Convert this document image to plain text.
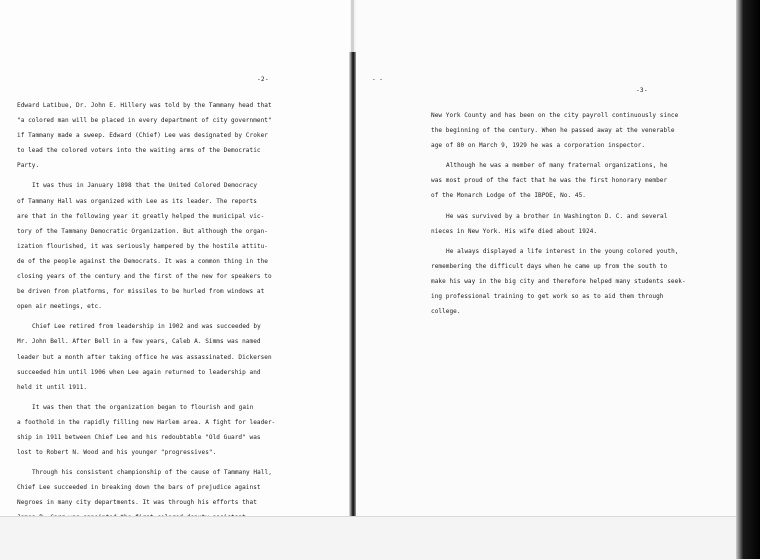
-2-
Edward Latibue, Dr. John E. Hillery was told by the Tammany head that
"a colored man will be placed in every department of city government"
if Tammany made a sweep. Edward (Chief) Lee was designated by Croker
to lead the colored voters into the waiting arms of the Democratic
Party.
It was thus in January 1898 that the United Colored Democracy
of Tammany Hall was organized with Lee as its leader. The reports
are that in the following year it greatly helped the municipal vic-
tory of the Tammany Democratic Organization. But although the organ-
ization flourished, it was seriously hampered by the hostile attitu-
de of the people against the Democrats. It was a common thing in the
closing years of the century and the first of the new for speakers to
be driven from platforms, for missiles to be hurled from windows at
open air meetings, etc.
Chief Lee retired from leadership in 1902 and was succeeded by
Mr. John Bell. After Bell in a few years, Caleb A. Simms was named
leader but a month after taking office he was assassinated. Dickersen
succeeded him until 1906 when Lee again returned to leadership and
held it until 1911.
It was then that the organization began to flourish and gain
a foothold in the rapidly filling new Harlem area. A fight for leader-
ship in 1911 between Chief Lee and his redoubtable "Old Guard" was
lost to Robert N. Wood and his younger "progressives".
Through his consistent championship of the cause of Tammany Hall,
Chief Lee succeeded in breaking down the bars of prejudice against
Negroes in many city departments. It was through his efforts that
-3-
New York County and has been on the city payroll continuously since
the beginning of the century. When he passed away at the venerable
age of 80 on March 9, 1929 he was a corporation inspector.
Although he was a member of many fraternal organizations, he
was most proud of the fact that he was the first honorary member
of the Monarch Lodge of the IBPOE, No. 45.
He was survived by a brother in Washington D. C. and several
nieces in New York. His wife died about 1924.
He always displayed a life interest in the young colored youth,
remembering the difficult days when he came up from the south to
make his way in the big city and therefore helped many students seek-
ing professional training to get work so as to aid them through
college.
- -
